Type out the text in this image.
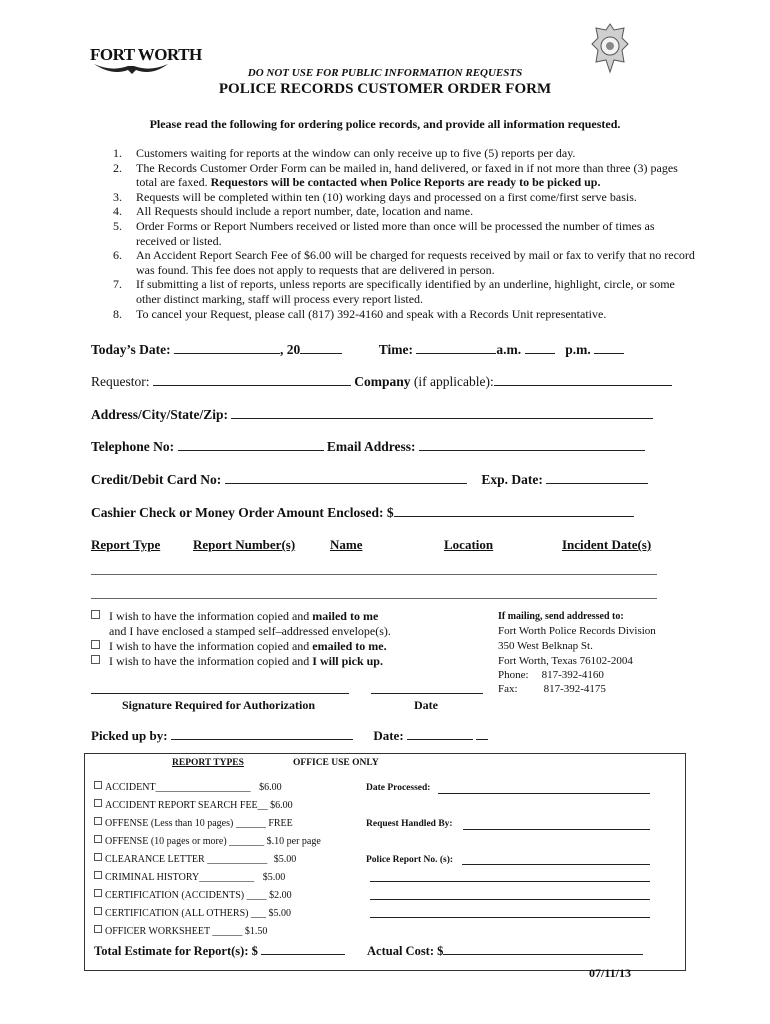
FORT WORTH
DO NOT USE FOR PUBLIC INFORMATION REQUESTS
POLICE RECORDS CUSTOMER ORDER FORM
Please read the following for ordering police records, and provide all information requested.
1. Customers waiting for reports at the window can only receive up to five (5) reports per day.
2. The Records Customer Order Form can be mailed in, hand delivered, or faxed in if not more than three (3) pages total are faxed. Requestors will be contacted when Police Reports are ready to be picked up.
3. Requests will be completed within ten (10) working days and processed on a first come/first serve basis.
4. All Requests should include a report number, date, location and name.
5. Order Forms or Report Numbers received or listed more than once will be processed the number of times as received or listed.
6. An Accident Report Search Fee of $6.00 will be charged for requests received by mail or fax to verify that no record was found. This fee does not apply to requests that are delivered in person.
7. If submitting a list of reports, unless reports are specifically identified by an underline, highlight, circle, or some other distinct marking, staff will process every report listed.
8. To cancel your Request, please call (817) 392-4160 and speak with a Records Unit representative.
Today’s Date:	, 20	Time:	a.m.	p.m.
Requestor:	Company (if applicable):
Address/City/State/Zip:
Telephone No:	Email Address:
Credit/Debit Card No:	Exp. Date:
Cashier Check or Money Order Amount Enclosed: $
Report Type	Report Number(s)	Name	Location	Incident Date(s)
I wish to have the information copied and mailed to me
and I have enclosed a stamped self–addressed envelope(s).
I wish to have the information copied and emailed to me.
I wish to have the information copied and I will pick up.
If mailing, send addressed to:
Fort Worth Police Records Division
350 West Belknap St.
Fort Worth, Texas 76102-2004
Phone: 817-392-4160
Fax: 817-392-4175
Signature Required for Authorization	Date
Picked up by:	Date:
REPORT TYPES	OFFICE USE ONLY
ACCIDENT___________________ $6.00
ACCIDENT REPORT SEARCH FEE__ $6.00
OFFENSE (Less than 10 pages) ______ FREE
OFFENSE (10 pages or more) _______ $.10 per page
CLEARANCE LETTER ____________ $5.00
CRIMINAL HISTORY___________ $5.00
CERTIFICATION (ACCIDENTS) ____ $2.00
CERTIFICATION (ALL OTHERS) ___ $5.00
OFFICER WORKSHEET ______ $1.50
Date Processed:
Request Handled By:
Police Report No. (s):
Total Estimate for Report(s): $	Actual Cost: $
07/11/13
